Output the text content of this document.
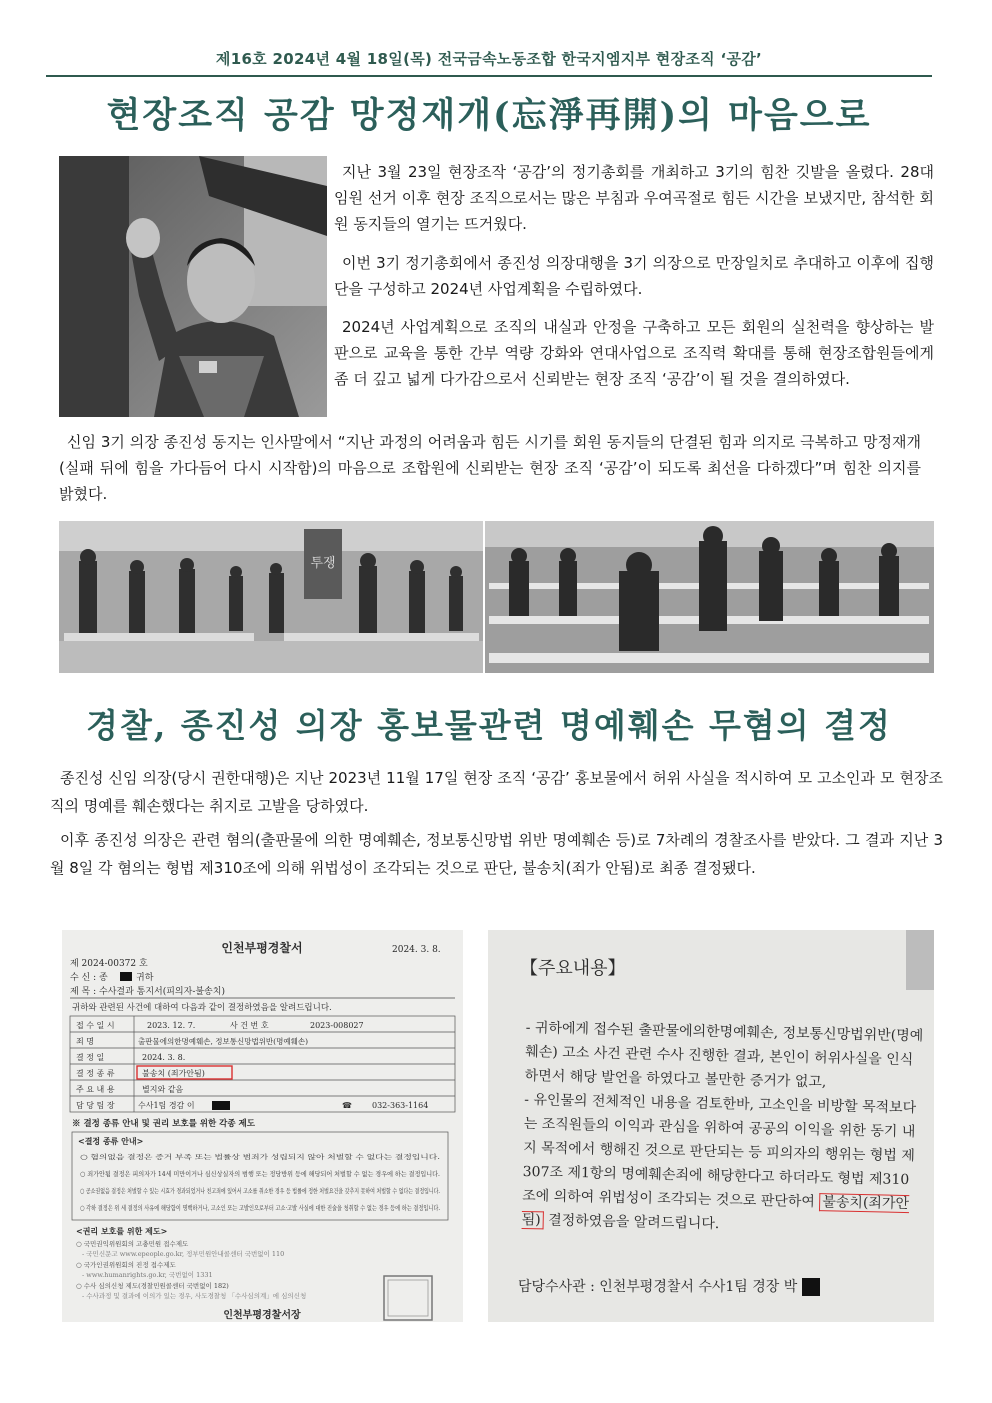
제16호 2024년 4월 18일(목) 전국금속노동조합 한국지엠지부 현장조직 ‘공감’
현장조직 공감 망정재개(忘淨再開)의 마음으로

지난 3월 23일 현장조작 ‘공감’의 정기총회를 개최하고 3기의 힘찬 깃발을 올렸다. 28대 임원 선거 이후 현장 조직으로서는 많은 부침과 우여곡절로 힘든 시간을 보냈지만, 참석한 회원 동지들의 열기는 뜨거웠다.

이번 3기 정기총회에서 종진성 의장대행을 3기 의장으로 만장일치로 추대하고 이후에 집행단을 구성하고 2024년 사업계획을 수립하였다.

2024년 사업계획으로 조직의 내실과 안정을 구축하고 모든 회원의 실천력을 향상하는 발판으로 교육을 통한 간부 역량 강화와 연대사업으로 조직력 확대를 통해 현장조합원들에게 좀 더 깊고 넓게 다가감으로서 신뢰받는 현장 조직 ‘공감’이 될 것을 결의하였다.

신임 3기 의장 종진성 동지는 인사말에서 “지난 과정의 어려움과 힘든 시기를 회원 동지들의 단결된 힘과 의지로 극복하고 망정재개(실패 뒤에 힘을 가다듬어 다시 시작함)의 마음으로 조합원에 신뢰받는 현장 조직 ‘공감’이 되도록 최선을 다하겠다”며 힘찬 의지를 밝혔다.

투쟁
경찰, 종진성 의장 홍보물관련 명예훼손 무혐의 결정

종진성 신임 의장(당시 권한대행)은 지난 2023년 11월 17일 현장 조직 ‘공감’ 홍보물에서 허위 사실을 적시하여 모 고소인과 모 현장조직의 명예를 훼손했다는 취지로 고발을 당하였다.

이후 종진성 의장은 관련 혐의(출판물에 의한 명예훼손, 정보통신망법 위반 명예훼손 등)로 7차례의 경찰조사를 받았다. 그 결과 지난 3월 8일 각 혐의는 형법 제310조에 의해 위법성이 조각되는 것으로 판단, 불송치(죄가 안됨)로 최종 결정됐다.

인천부평경찰서	2024. 3. 8.
제 2024-00372 호
수 신 : 종	귀하
제 목 : 수사결과 통지서(피의자-불송치)
귀하와 관련된 사건에 대하여 다음과 같이 결정하였음을 알려드립니다.
접 수 일 시	2023. 12. 7.	사 건 번 호	2023-008027
죄 명	출판물에의한명예훼손, 정보통신망법위반(명예훼손)
결 정 일	2024. 3. 8.
결 정 종 류	불송치 (죄가안됨)
주 요 내 용	별지와 같음
담 당 팀 장	수사1팀 경감 이	☎	032-363-1164
※ 결정 종류 안내 및 권리 보호를 위한 각종 제도
<결정 종류 안내>
○ 혐의없음 결정은 증거 부족 또는 법률상 범죄가 성립되지 않아 처벌할 수 없다는 결정입니다.
○ 죄가안됨 결정은 피의자가 14세 미만이거나 심신상실자의 범행 또는 정당방위 등에 해당되어 처벌할 수 없는 경우에 하는 결정입니다.
○ 공소권없음 결정은 처벌할 수 있는 시효가 경과되었거나 친고죄에 있어서 고소를 취소한 경우 등 법률에 정한 처벌요건을 갖추지 못하여 처벌할 수 없다는 결정입니다.
○ 각하 결정은 위 세 결정의 사유에 해당함이 명백하거나, 고소인 또는 고발인으로부터 고소·고발 사실에 대한 진술을 청취할 수 없는 경우 등에 하는 결정입니다.
<권리 보호를 위한 제도>
○ 국민권익위원회의 고충민원 접수제도
- 국민신문고 www.epeople.go.kr, 정부민원안내콜센터 국번없이 110
○ 국가인권위원회의 진정 접수제도
- www.humanrights.go.kr, 국번없이 1331
○ 수사 심의신청 제도(경찰민원콜센터 국번없이 182)
- 수사과정 및 결과에 이의가 있는 경우, 사도경찰청 「수사심의계」에 심의신청
인천부평경찰서장
【주요내용】
- 귀하에게 접수된 출판물에의한명예훼손, 정보통신망법위반(명예훼손) 고소 사건 관련 수사 진행한 결과, 본인이 허위사실을 인식하면서 해당 발언을 하였다고 볼만한 증거가 없고,
- 유인물의 전체적인 내용을 검토한바, 고소인을 비방할 목적보다는 조직원들의 이익과 관심을 위하여 공공의 이익을 위한 동기 내지 목적에서 행해진 것으로 판단되는 등 피의자의 행위는 형법 제307조 제1항의 명예훼손죄에 해당한다고 하더라도 형법 제310조에 의하여 위법성이 조각되는 것으로 판단하여 불송치(죄가안됨) 결정하였음을 알려드립니다.
담당수사관 : 인천부평경찰서 수사1팀 경장 박
